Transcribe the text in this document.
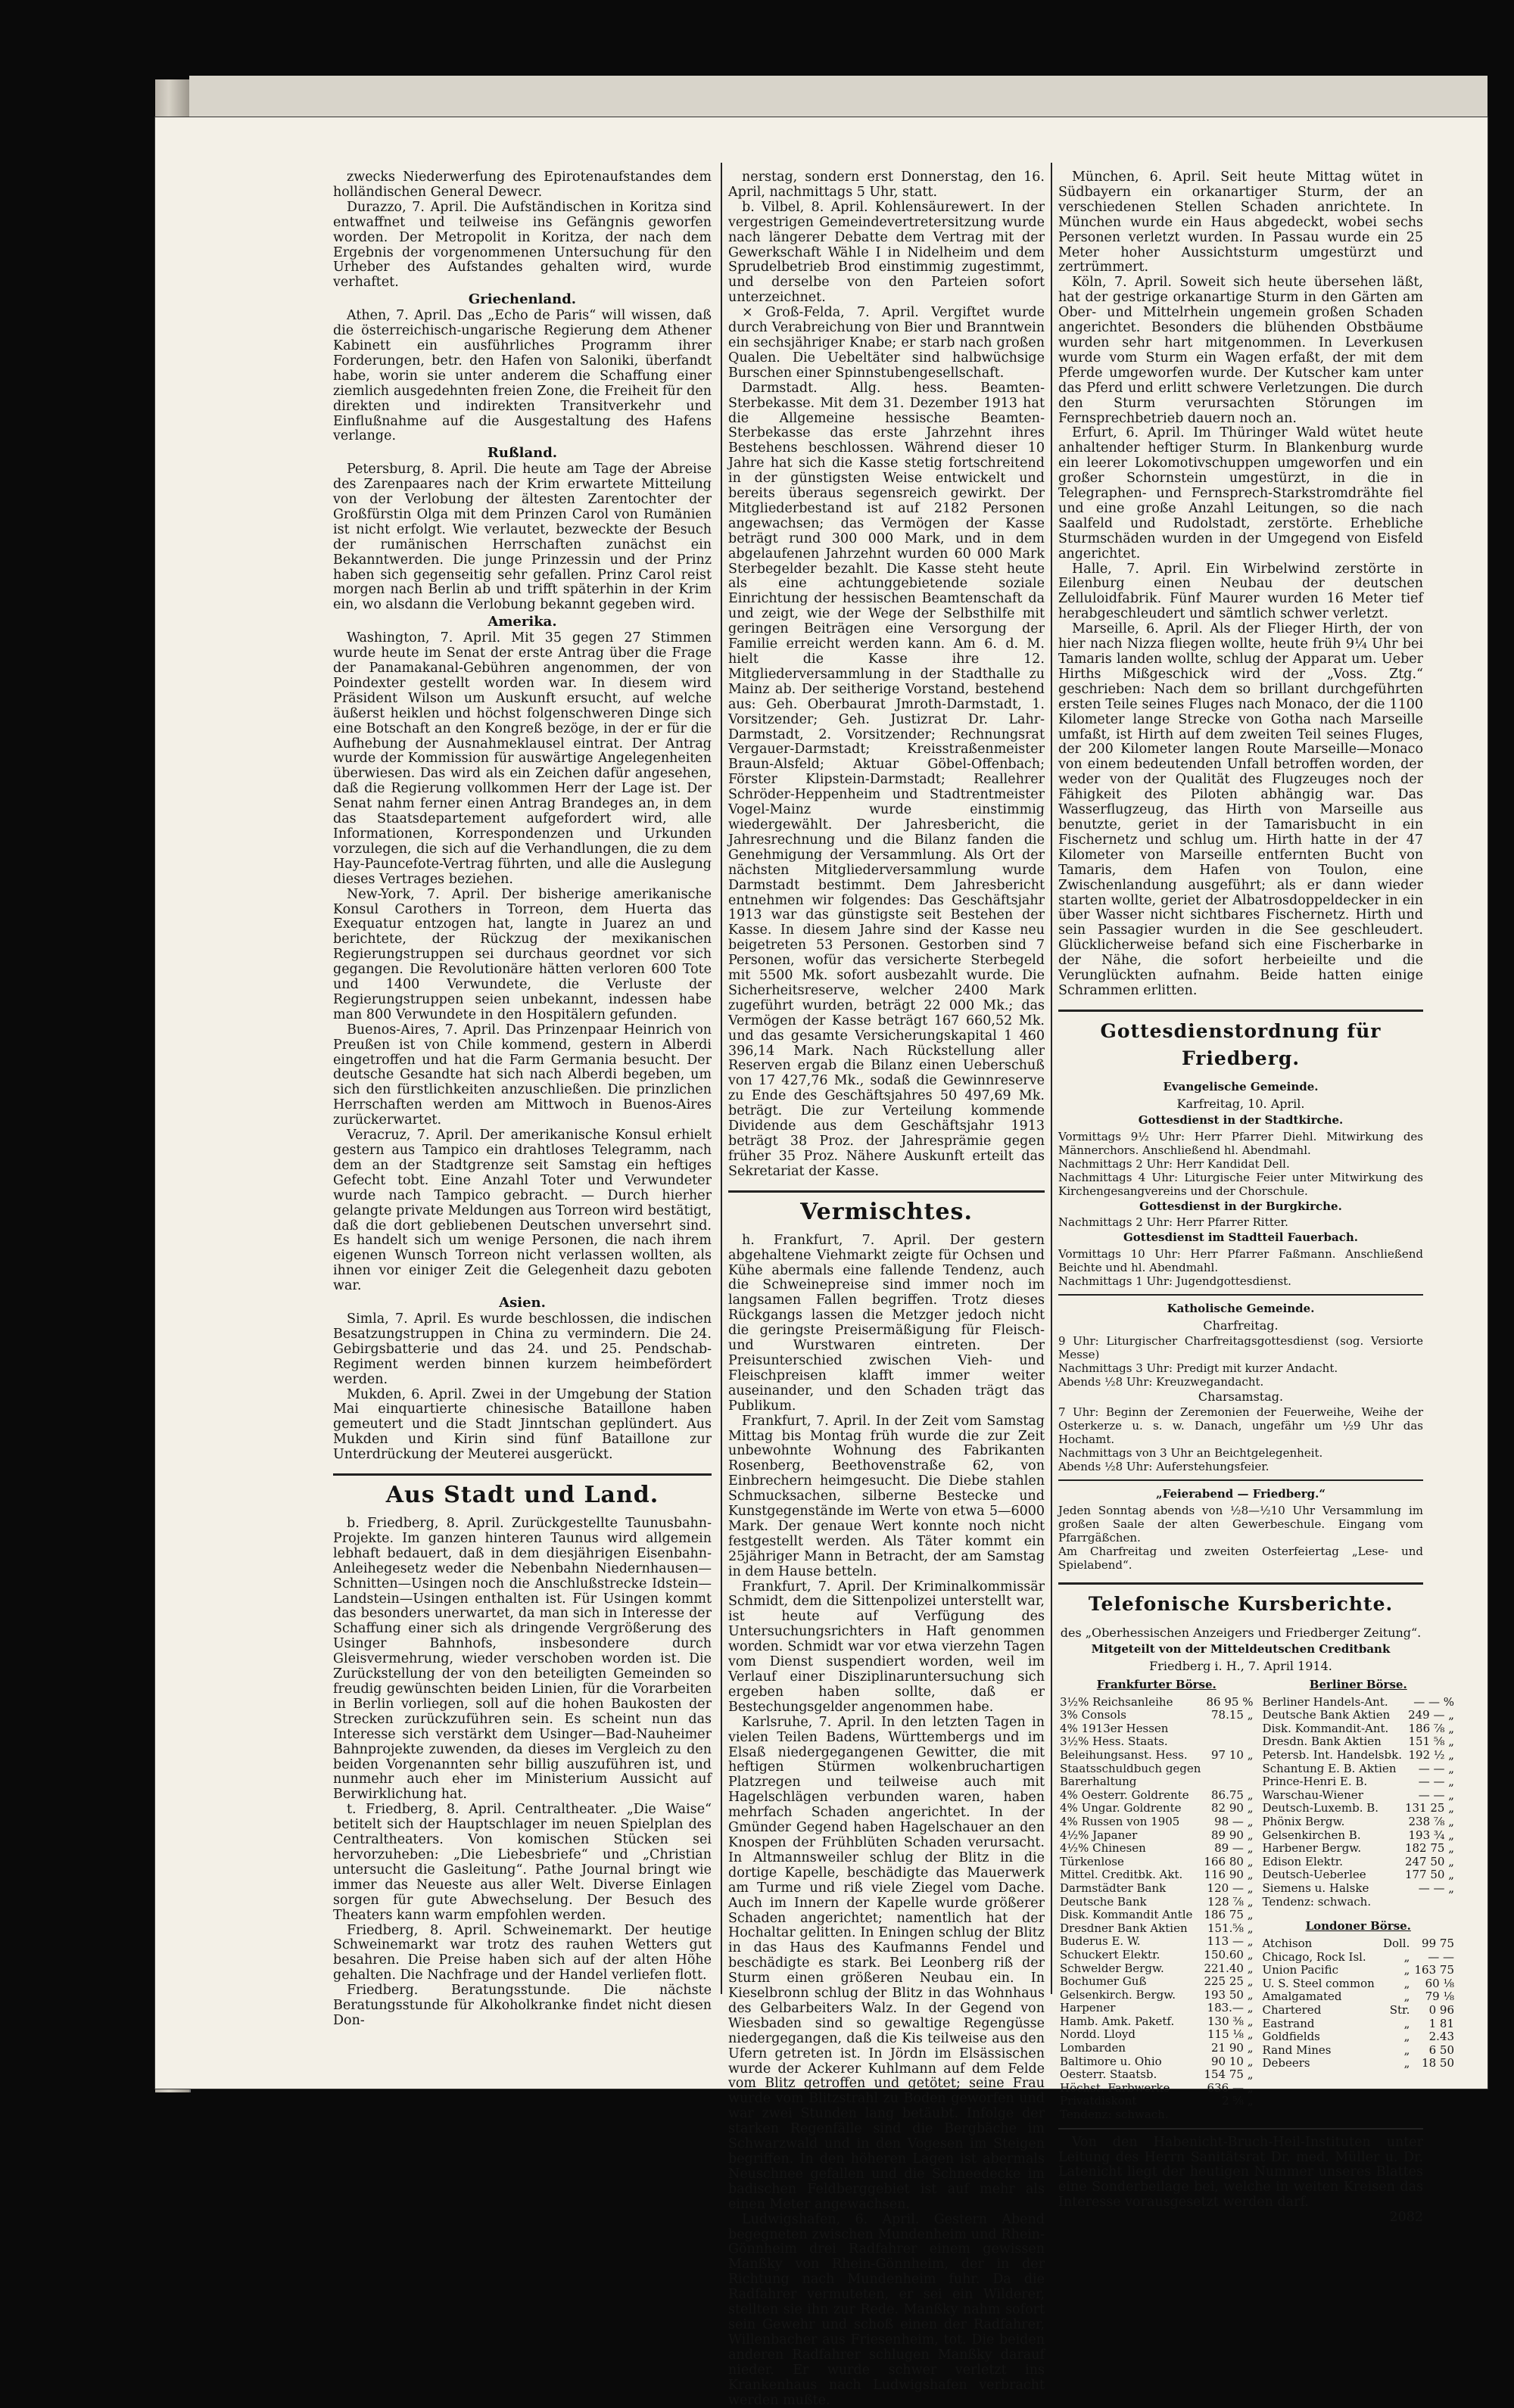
zwecks Niederwerfung des Epirotenaufstandes dem holländischen General Dewecr.

Durazzo, 7. April. Die Aufständischen in Koritza sind entwaffnet und teilweise ins Gefängnis geworfen worden. Der Metropolit in Koritza, der nach dem Ergebnis der vorgenommenen Untersuchung für den Urheber des Aufstandes gehalten wird, wurde verhaftet.

Griechenland.

Athen, 7. April. Das „Echo de Paris“ will wissen, daß die österreichisch-ungarische Regierung dem Athener Kabinett ein ausführliches Programm ihrer Forderungen, betr. den Hafen von Saloniki, überfandt habe, worin sie unter anderem die Schaffung einer ziemlich ausgedehnten freien Zone, die Freiheit für den direkten und indirekten Transitverkehr und Einflußnahme auf die Ausgestaltung des Hafens verlange.

Rußland.

Petersburg, 8. April. Die heute am Tage der Abreise des Zarenpaares nach der Krim erwartete Mitteilung von der Verlobung der ältesten Zarentochter der Großfürstin Olga mit dem Prinzen Carol von Rumänien ist nicht erfolgt. Wie verlautet, bezweckte der Besuch der rumänischen Herrschaften zunächst ein Bekanntwerden. Die junge Prinzessin und der Prinz haben sich gegenseitig sehr gefallen. Prinz Carol reist morgen nach Berlin ab und trifft späterhin in der Krim ein, wo alsdann die Verlobung bekannt gegeben wird.

Amerika.

Washington, 7. April. Mit 35 gegen 27 Stimmen wurde heute im Senat der erste Antrag über die Frage der Panamakanal-Gebühren angenommen, der von Poindexter gestellt worden war. In diesem wird Präsident Wilson um Auskunft ersucht, auf welche äußerst heiklen und höchst folgenschweren Dinge sich eine Botschaft an den Kongreß bezöge, in der er für die Aufhebung der Ausnahmeklausel eintrat. Der Antrag wurde der Kommission für auswärtige Angelegenheiten überwiesen. Das wird als ein Zeichen dafür angesehen, daß die Regierung vollkommen Herr der Lage ist. Der Senat nahm ferner einen Antrag Brandeges an, in dem das Staatsdepartement aufgefordert wird, alle Informationen, Korrespondenzen und Urkunden vorzulegen, die sich auf die Verhandlungen, die zu dem Hay-Pauncefote-Vertrag führten, und alle die Auslegung dieses Vertrages beziehen.

New-York, 7. April. Der bisherige amerikanische Konsul Carothers in Torreon, dem Huerta das Exequatur entzogen hat, langte in Juarez an und berichtete, der Rückzug der mexikanischen Regierungstruppen sei durchaus geordnet vor sich gegangen. Die Revolutionäre hätten verloren 600 Tote und 1400 Verwundete, die Verluste der Regierungstruppen seien unbekannt, indessen habe man 800 Verwundete in den Hospitälern gefunden.

Buenos-Aires, 7. April. Das Prinzenpaar Heinrich von Preußen ist von Chile kommend, gestern in Alberdi eingetroffen und hat die Farm Germania besucht. Der deutsche Gesandte hat sich nach Alberdi begeben, um sich den fürstlichkeiten anzuschließen. Die prinzlichen Herrschaften werden am Mittwoch in Buenos-Aires zurückerwartet.

Veracruz, 7. April. Der amerikanische Konsul erhielt gestern aus Tampico ein drahtloses Telegramm, nach dem an der Stadtgrenze seit Samstag ein heftiges Gefecht tobt. Eine Anzahl Toter und Verwundeter wurde nach Tampico gebracht. — Durch hierher gelangte private Meldungen aus Torreon wird bestätigt, daß die dort gebliebenen Deutschen unversehrt sind. Es handelt sich um wenige Personen, die nach ihrem eigenen Wunsch Torreon nicht verlassen wollten, als ihnen vor einiger Zeit die Gelegenheit dazu geboten war.

Asien.

Simla, 7. April. Es wurde beschlossen, die indischen Besatzungstruppen in China zu vermindern. Die 24. Gebirgsbatterie und das 24. und 25. Pendschab-Regiment werden binnen kurzem heimbefördert werden.

Mukden, 6. April. Zwei in der Umgebung der Station Mai einquartierte chinesische Bataillone haben gemeutert und die Stadt Jinntschan geplündert. Aus Mukden und Kirin sind fünf Bataillone zur Unterdrückung der Meuterei ausgerückt.

Aus Stadt und Land.

b. Friedberg, 8. April. Zurückgestellte Taunusbahn-Projekte. Im ganzen hinteren Taunus wird allgemein lebhaft bedauert, daß in dem diesjährigen Eisenbahn-Anleihegesetz weder die Nebenbahn Niedernhausen—Schnitten—Usingen noch die Anschlußstrecke Idstein—Landstein—Usingen enthalten ist. Für Usingen kommt das besonders unerwartet, da man sich in Interesse der Schaffung einer sich als dringende Vergrößerung des Usinger Bahnhofs, insbesondere durch Gleisvermehrung, wieder verschoben worden ist. Die Zurückstellung der von den beteiligten Gemeinden so freudig gewünschten beiden Linien, für die Vorarbeiten in Berlin vorliegen, soll auf die hohen Baukosten der Strecken zurückzuführen sein. Es scheint nun das Interesse sich verstärkt dem Usinger—Bad-Nauheimer Bahnprojekte zuwenden, da dieses im Vergleich zu den beiden Vorgenannten sehr billig auszuführen ist, und nunmehr auch eher im Ministerium Aussicht auf Berwirklichung hat.

t. Friedberg, 8. April. Centraltheater. „Die Waise“ betitelt sich der Hauptschlager im neuen Spielplan des Centraltheaters. Von komischen Stücken sei hervorzuheben: „Die Liebesbriefe“ und „Christian untersucht die Gasleitung“. Pathe Journal bringt wie immer das Neueste aus aller Welt. Diverse Einlagen sorgen für gute Abwechselung. Der Besuch des Theaters kann warm empfohlen werden.

Friedberg, 8. April. Schweinemarkt. Der heutige Schweinemarkt war trotz des rauhen Wetters gut besahren. Die Preise haben sich auf der alten Höhe gehalten. Die Nachfrage und der Handel verliefen flott.

Friedberg. Beratungsstunde. Die nächste Beratungsstunde für Alkoholkranke findet nicht diesen Don-

nerstag, sondern erst Donnerstag, den 16. April, nachmittags 5 Uhr, statt.

b. Vilbel, 8. April. Kohlensäurewert. In der vergestrigen Gemeindevertretersitzung wurde nach längerer Debatte dem Vertrag mit der Gewerkschaft Wähle I in Nidelheim und dem Sprudelbetrieb Brod einstimmig zugestimmt, und derselbe von den Parteien sofort unterzeichnet.

× Groß-Felda, 7. April. Vergiftet wurde durch Verabreichung von Bier und Branntwein ein sechsjähriger Knabe; er starb nach großen Qualen. Die Uebeltäter sind halbwüchsige Burschen einer Spinnstubengesellschaft.

Darmstadt. Allg. hess. Beamten-Sterbekasse. Mit dem 31. Dezember 1913 hat die Allgemeine hessische Beamten-Sterbekasse das erste Jahrzehnt ihres Bestehens beschlossen. Während dieser 10 Jahre hat sich die Kasse stetig fortschreitend in der günstigsten Weise entwickelt und bereits überaus segensreich gewirkt. Der Mitgliederbestand ist auf 2182 Personen angewachsen; das Vermögen der Kasse beträgt rund 300 000 Mark, und in dem abgelaufenen Jahrzehnt wurden 60 000 Mark Sterbegelder bezahlt. Die Kasse steht heute als eine achtunggebietende soziale Einrichtung der hessischen Beamtenschaft da und zeigt, wie der Wege der Selbsthilfe mit geringen Beiträgen eine Versorgung der Familie erreicht werden kann. Am 6. d. M. hielt die Kasse ihre 12. Mitgliederversammlung in der Stadthalle zu Mainz ab. Der seitherige Vorstand, bestehend aus: Geh. Oberbaurat Jmroth-Darmstadt, 1. Vorsitzender; Geh. Justizrat Dr. Lahr-Darmstadt, 2. Vorsitzender; Rechnungsrat Vergauer-Darmstadt; Kreisstraßenmeister Braun-Alsfeld; Aktuar Göbel-Offenbach; Förster Klipstein-Darmstadt; Reallehrer Schröder-Heppenheim und Stadtrentmeister Vogel-Mainz wurde einstimmig wiedergewählt. Der Jahresbericht, die Jahresrechnung und die Bilanz fanden die Genehmigung der Versammlung. Als Ort der nächsten Mitgliederversammlung wurde Darmstadt bestimmt. Dem Jahresbericht entnehmen wir folgendes: Das Geschäftsjahr 1913 war das günstigste seit Bestehen der Kasse. In diesem Jahre sind der Kasse neu beigetreten 53 Personen. Gestorben sind 7 Personen, wofür das versicherte Sterbegeld mit 5500 Mk. sofort ausbezahlt wurde. Die Sicherheitsreserve, welcher 2400 Mark zugeführt wurden, beträgt 22 000 Mk.; das Vermögen der Kasse beträgt 167 660,52 Mk. und das gesamte Versicherungskapital 1 460 396,14 Mark. Nach Rückstellung aller Reserven ergab die Bilanz einen Ueberschuß von 17 427,76 Mk., sodaß die Gewinnreserve zu Ende des Geschäftsjahres 50 497,69 Mk. beträgt. Die zur Verteilung kommende Dividende aus dem Geschäftsjahr 1913 beträgt 38 Proz. der Jahresprämie gegen früher 35 Proz. Nähere Auskunft erteilt das Sekretariat der Kasse.

Vermischtes.

h. Frankfurt, 7. April. Der gestern abgehaltene Viehmarkt zeigte für Ochsen und Kühe abermals eine fallende Tendenz, auch die Schweinepreise sind immer noch im langsamen Fallen begriffen. Trotz dieses Rückgangs lassen die Metzger jedoch nicht die geringste Preisermäßigung für Fleisch- und Wurstwaren eintreten. Der Preisunterschied zwischen Vieh- und Fleischpreisen klafft immer weiter auseinander, und den Schaden trägt das Publikum.

Frankfurt, 7. April. In der Zeit vom Samstag Mittag bis Montag früh wurde die zur Zeit unbewohnte Wohnung des Fabrikanten Rosenberg, Beethovenstraße 62, von Einbrechern heimgesucht. Die Diebe stahlen Schmucksachen, silberne Bestecke und Kunstgegenstände im Werte von etwa 5—6000 Mark. Der genaue Wert konnte noch nicht festgestellt werden. Als Täter kommt ein 25jähriger Mann in Betracht, der am Samstag in dem Hause betteln.

Frankfurt, 7. April. Der Kriminalkommissär Schmidt, dem die Sittenpolizei unterstellt war, ist heute auf Verfügung des Untersuchungsrichters in Haft genommen worden. Schmidt war vor etwa vierzehn Tagen vom Dienst suspendiert worden, weil im Verlauf einer Disziplinaruntersuchung sich ergeben haben sollte, daß er Bestechungsgelder angenommen habe.

Karlsruhe, 7. April. In den letzten Tagen in vielen Teilen Badens, Württembergs und im Elsaß niedergegangenen Gewitter, die mit heftigen Stürmen wolkenbruchartigen Platzregen und teilweise auch mit Hagelschlägen verbunden waren, haben mehrfach Schaden angerichtet. In der Gmünder Gegend haben Hagelschauer an den Knospen der Frühblüten Schaden verursacht. In Altmannsweiler schlug der Blitz in die dortige Kapelle, beschädigte das Mauerwerk am Turme und riß viele Ziegel vom Dache. Auch im Innern der Kapelle wurde größerer Schaden angerichtet; namentlich hat der Hochaltar gelitten. In Eningen schlug der Blitz in das Haus des Kaufmanns Fendel und beschädigte es stark. Bei Leonberg riß der Sturm einen größeren Neubau ein. In Kieselbronn schlug der Blitz in das Wohnhaus des Gelbarbeiters Walz. In der Gegend von Wiesbaden sind so gewaltige Regengüsse niedergegangen, daß die Kis teilweise aus den Ufern getreten ist. In Jördn im Elsässischen wurde der Ackerer Kuhlmann auf dem Felde vom Blitz getroffen und getötet; seine Frau wurde vom Blitzstrahl zu Boden geworfen und war zwei Stunden lang betäubt. Infolge der starken Regenfälle sind die Bergbäche im Schwarzwald und in den Vogesen im Steigen begriffen. In den höheren Lagen ist abermals Neuschnee gefallen und die Schneedecke im badischen Feldberggebiet ist auf mehr als einen Meter angewachsen.

Ludwigshafen, 6. April. Gestern Abend begegneten zwischen Mundenheim und Rhein-Gönnheim drei Radfahrer einem gewissen Manßky von Rhein-Gönnheim, der in der Richtung nach Mundenheim fuhr. Da die Radfahrer vermuteten, er sei ein Wilderer, stellten sie ihn zur Rede. Manßky nahm sofort sein Gewehr und schoß einen der Radfahrer, Willenbacher aus Friesenheim, tot. Die beiden anderen Radfahrer schlugen Manßky darauf nieder. Er wurde schwer verletzt ins Krankenhaus nach Ludwigshafen verbracht werden mußte.

München, 6. April. Seit heute Mittag wütet in Südbayern ein orkanartiger Sturm, der an verschiedenen Stellen Schaden anrichtete. In München wurde ein Haus abgedeckt, wobei sechs Personen verletzt wurden. In Passau wurde ein 25 Meter hoher Aussichtsturm umgestürzt und zertrümmert.

Köln, 7. April. Soweit sich heute übersehen läßt, hat der gestrige orkanartige Sturm in den Gärten am Ober- und Mittelrhein ungemein großen Schaden angerichtet. Besonders die blühenden Obstbäume wurden sehr hart mitgenommen. In Leverkusen wurde vom Sturm ein Wagen erfaßt, der mit dem Pferde umgeworfen wurde. Der Kutscher kam unter das Pferd und erlitt schwere Verletzungen. Die durch den Sturm verursachten Störungen im Fernsprechbetrieb dauern noch an.

Erfurt, 6. April. Im Thüringer Wald wütet heute anhaltender heftiger Sturm. In Blankenburg wurde ein leerer Lokomotivschuppen umgeworfen und ein großer Schornstein umgestürzt, in die in Telegraphen- und Fernsprech-Starkstromdrähte fiel und eine große Anzahl Leitungen, so die nach Saalfeld und Rudolstadt, zerstörte. Erhebliche Sturmschäden wurden in der Umgegend von Eisfeld angerichtet.

Halle, 7. April. Ein Wirbelwind zerstörte in Eilenburg einen Neubau der deutschen Zelluloidfabrik. Fünf Maurer wurden 16 Meter tief herabgeschleudert und sämtlich schwer verletzt.

Marseille, 6. April. Als der Flieger Hirth, der von hier nach Nizza fliegen wollte, heute früh 9¼ Uhr bei Tamaris landen wollte, schlug der Apparat um. Ueber Hirths Mißgeschick wird der „Voss. Ztg.“ geschrieben: Nach dem so brillant durchgeführten ersten Teile seines Fluges nach Monaco, der die 1100 Kilometer lange Strecke von Gotha nach Marseille umfaßt, ist Hirth auf dem zweiten Teil seines Fluges, der 200 Kilometer langen Route Marseille—Monaco von einem bedeutenden Unfall betroffen worden, der weder von der Qualität des Flugzeuges noch der Fähigkeit des Piloten abhängig war. Das Wasserflugzeug, das Hirth von Marseille aus benutzte, geriet in der Tamarisbucht in ein Fischernetz und schlug um. Hirth hatte in der 47 Kilometer von Marseille entfernten Bucht von Tamaris, dem Hafen von Toulon, eine Zwischenlandung ausgeführt; als er dann wieder starten wollte, geriet der Albatrosdoppeldecker in ein über Wasser nicht sichtbares Fischernetz. Hirth und sein Passagier wurden in die See geschleudert. Glücklicherweise befand sich eine Fischerbarke in der Nähe, die sofort herbeieilte und die Verunglückten aufnahm. Beide hatten einige Schrammen erlitten.

Gottesdienstordnung für Friedberg.

Evangelische Gemeinde.

Karfreitag, 10. April.

Gottesdienst in der Stadtkirche.

Vormittags 9½ Uhr: Herr Pfarrer Diehl. Mitwirkung des Männerchors. Anschließend hl. Abendmahl.

Nachmittags 2 Uhr: Herr Kandidat Dell.

Nachmittags 4 Uhr: Liturgische Feier unter Mitwirkung des Kirchengesangvereins und der Chorschule.

Gottesdienst in der Burgkirche.

Nachmittags 2 Uhr: Herr Pfarrer Ritter.

Gottesdienst im Stadtteil Fauerbach.

Vormittags 10 Uhr: Herr Pfarrer Faßmann. Anschließend Beichte und hl. Abendmahl.

Nachmittags 1 Uhr: Jugendgottesdienst.

Katholische Gemeinde.

Charfreitag.

9 Uhr: Liturgischer Charfreitagsgottesdienst (sog. Versiorte Messe)

Nachmittags 3 Uhr: Predigt mit kurzer Andacht.

Abends ½8 Uhr: Kreuzwegandacht.

Charsamstag.

7 Uhr: Beginn der Zeremonien der Feuerweihe, Weihe der Osterkerze u. s. w. Danach, ungefähr um ½9 Uhr das Hochamt.

Nachmittags von 3 Uhr an Beichtgelegenheit.

Abends ½8 Uhr: Auferstehungsfeier.

„Feierabend — Friedberg.“

Jeden Sonntag abends von ½8—½10 Uhr Versammlung im großen Saale der alten Gewerbeschule. Eingang vom Pfarrgäßchen.

Am Charfreitag und zweiten Osterfeiertag „Lese- und Spielabend“.

Telefonische Kursberichte.

des „Oberhessischen Anzeigers und Friedberger Zeitung“.

Mitgeteilt von der Mitteldeutschen Creditbank

Friedberg i. H., 7. April 1914.

Frankfurter Börse.
3½% Reichsanleihe	86 95 %
3% Consols	78.15 „
4% 1913er Hessen	
3½% Hess. Staats.	
Beleihungsanst. Hess.	97 10 „
Staatsschuldbuch gegen	
Barerhaltung	
4% Oesterr. Goldrente	86.75 „
4% Ungar. Goldrente	82 90 „
4% Russen von 1905	98 — „
4½% Japaner	89 90 „
4½% Chinesen	89 — „
Türkenlose	166 80 „
Mittel. Creditbk. Akt.	116 90 „
Darmstädter Bank	120 — „
Deutsche Bank	128 ⅞ „
Disk. Kommandit Antle	186 75 „
Dresdner Bank Aktien	151.⅝ „
Buderus E. W.	113 — „
Schuckert Elektr.	150.60 „
Schwelder Bergw.	221.40 „
Bochumer Guß	225 25 „
Gelsenkirch. Bergw.	193 50 „
Harpener	183.— „
Hamb. Amk. Paketf.	130 ⅜ „
Nordd. Lloyd	115 ⅛ „
Lombarden	21 90 „
Baltimore u. Ohio	90 10 „
Oesterr. Staatsb.	154 75 „
Höchst. Farbwerke	636 — „
Privatdiskont	2 ⅝ „
Tendenz: schwach.	
Berliner Börse.
Berliner Handels-Ant.	— — %
Deutsche Bank Aktien	249 — „
Disk. Kommandit-Ant.	186 ⅞ „
Dresdn. Bank Aktien	151 ⅝ „
Petersb. Int. Handelsbk.	192 ½ „
Schantung E. B. Aktien	— — „
Prince-Henri E. B.	— — „
Warschau-Wiener	— — „
Deutsch-Luxemb. B.	131 25 „
Phönix Bergw.	238 ⅞ „
Gelsenkirchen B.	193 ¾ „
Harbener Bergw.	182 75 „
Edison Elektr.	247 50 „
Deutsch-Ueberlee	177 50 „
Siemens u. Halske	— — „
Tendenz: schwach.	
Londoner Börse.
Atchison	Doll.	99 75
Chicago, Rock Isl.	„	— —
Union Pacific	„	163 75
U. S. Steel common	„	60 ⅛
Amalgamated	„	79 ⅛
Chartered	Str.	0 96
Eastrand	„	1 81
Goldfields	„	2.43
Rand Mines	„	6 50
Debeers	„	18 50

Von den Habenicht-Bruch-Heil-Instituten unter Leitung des Herrn Sanitätsrat Dr. med. Müller u. Dr. Latenicht liegt der heutigen Nummer unseres Blattes eine Sonderbeilage bei, welche in weiten Kreisen das Interesse vorausgesetzt werden darf.

2082
